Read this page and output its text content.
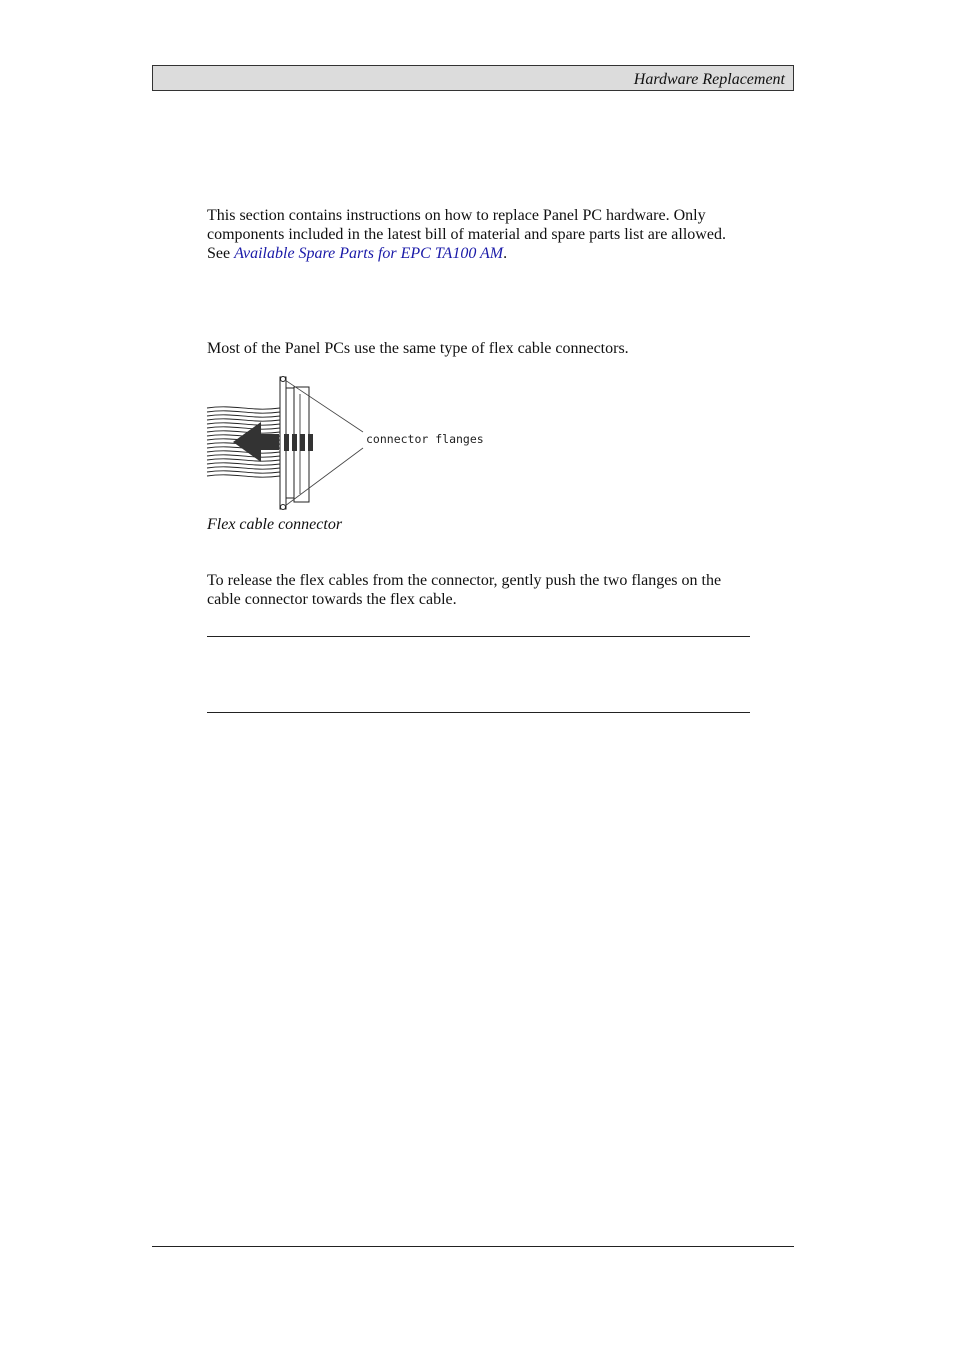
Hardware Replacement

This section contains instructions on how to replace Panel PC hardware. Only components included in the latest bill of material and spare parts list are allowed. See Available Spare Parts for EPC TA100 AM.

Most of the Panel PCs use the same type of flex cable connectors.

connector flanges
Flex cable connector

To release the flex cables from the connector, gently push the two flanges on the cable connector towards the flex cable.
